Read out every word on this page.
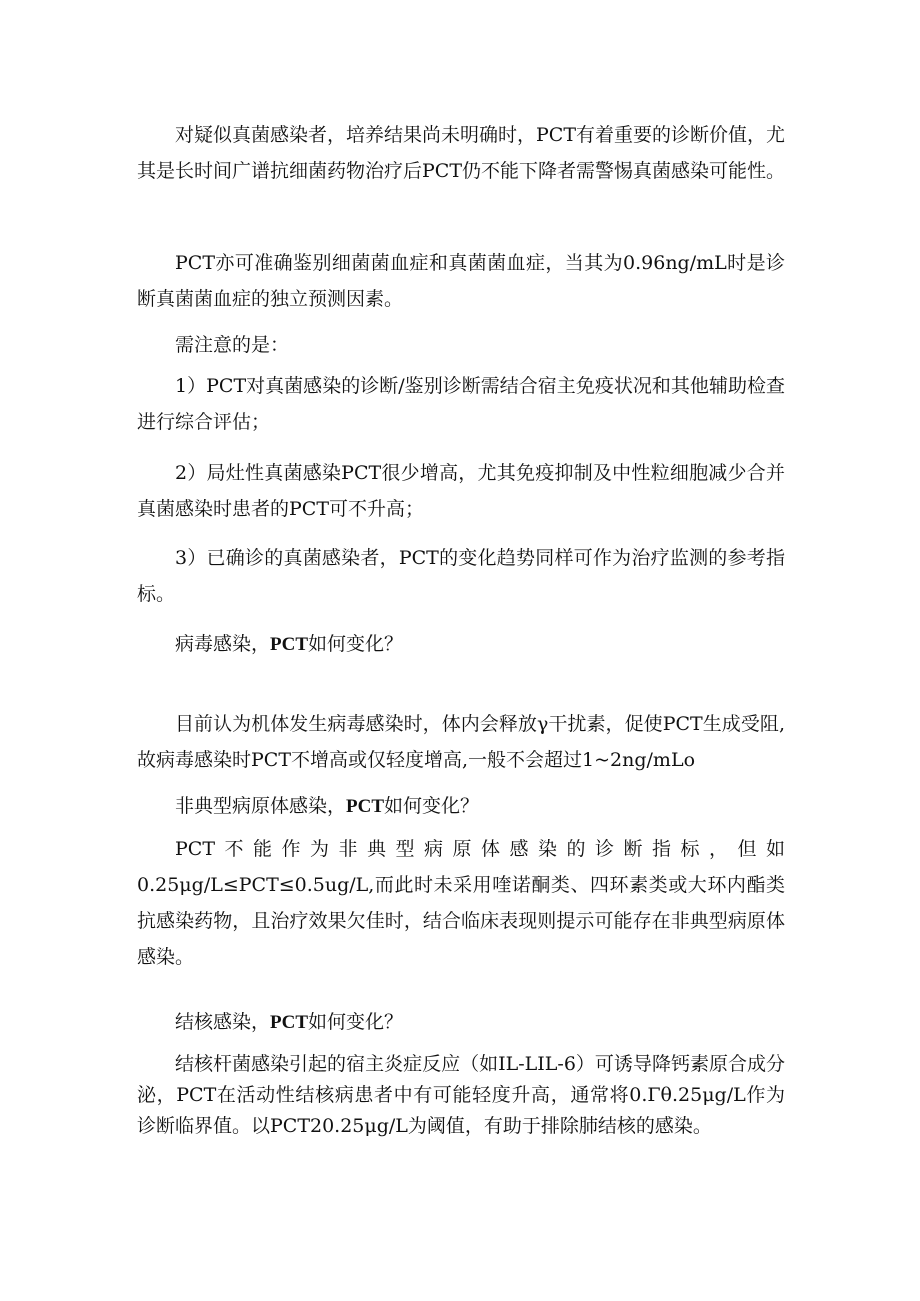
对疑似真菌感染者，培养结果尚未明确时，PCT有着重要的诊断价值，尤其是长时间广谱抗细菌药物治疗后PCT仍不能下降者需警惕真菌感染可能性。

PCT亦可准确鉴别细菌菌血症和真菌菌血症，当其为0.96ng/mL时是诊断真菌菌血症的独立预测因素。

需注意的是：

1）PCT对真菌感染的诊断/鉴别诊断需结合宿主免疫状况和其他辅助检查进行综合评估；

2）局灶性真菌感染PCT很少增高，尤其免疫抑制及中性粒细胞减少合并真菌感染时患者的PCT可不升高；

3）已确诊的真菌感染者，PCT的变化趋势同样可作为治疗监测的参考指标。

病毒感染，PCT如何变化？

目前认为机体发生病毒感染时，体内会释放γ干扰素，促使PCT生成受阻,故病毒感染时PCT不增高或仅轻度增高,一般不会超过1~2ng/mLo

非典型病原体感染，PCT如何变化？

PCT不能作为非典型病原体感染的诊断指标，但如0.25μg/L≤PCT≤0.5ug/L,而此时未采用喹诺酮类、四环素类或大环内酯类抗感染药物，且治疗效果欠佳时，结合临床表现则提示可能存在非典型病原体感染。

结核感染，PCT如何变化？

结核杆菌感染引起的宿主炎症反应（如IL-LIL-6）可诱导降钙素原合成分泌，PCT在活动性结核病患者中有可能轻度升高，通常将0.Γθ.25μg/L作为诊断临界值。以PCT20.25μg/L为阈值，有助于排除肺结核的感染。
